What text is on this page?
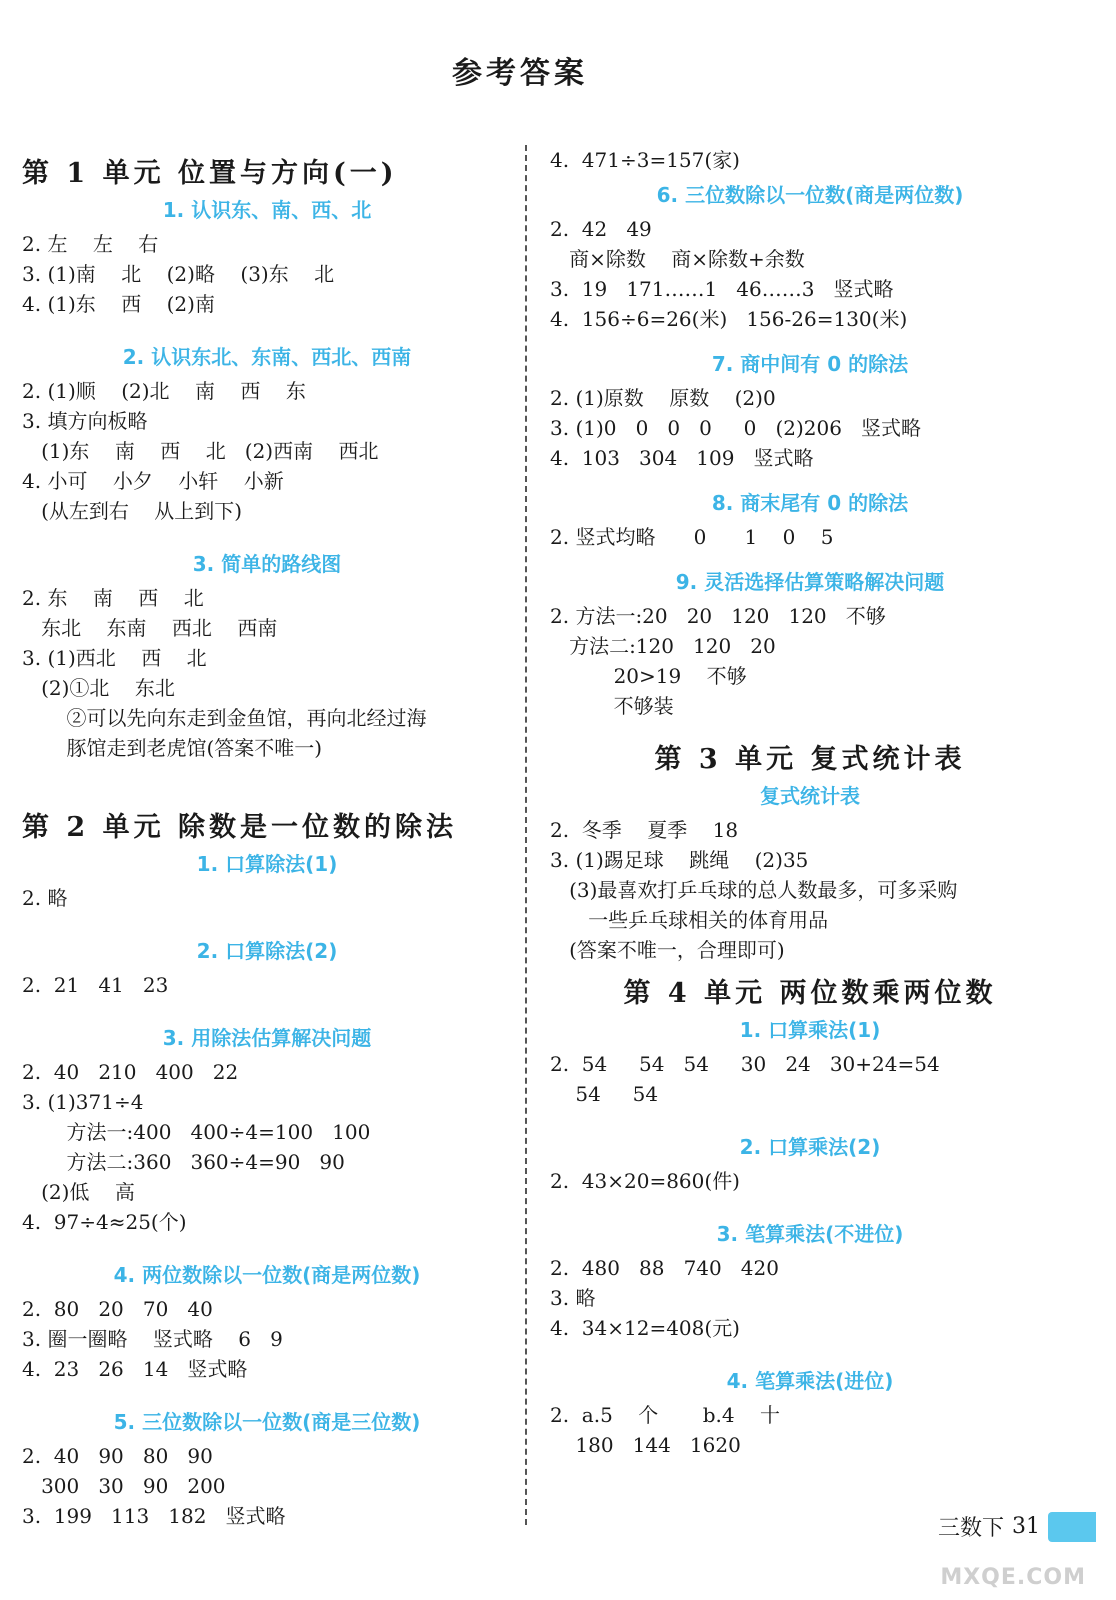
参考答案
第 1 单元 位置与方向(一)
1. 认识东、南、西、北
2. 左    左    右
3. (1)南    北    (2)略    (3)东    北
4. (1)东    西    (2)南
2. 认识东北、东南、西北、西南
2. (1)顺    (2)北    南    西    东
3. 填方向板略
(1)东    南    西    北   (2)西南    西北
4. 小可    小夕    小轩    小新
(从左到右    从上到下)
3. 简单的路线图
2. 东    南    西    北
东北    东南    西北    西南
3. (1)西北    西    北
(2)①北    东北
②可以先向东走到金鱼馆，再向北经过海
豚馆走到老虎馆(答案不唯一)
第 2 单元 除数是一位数的除法
1. 口算除法(1)
2. 略
2. 口算除法(2)
2.  21   41   23
3. 用除法估算解决问题
2.  40   210   400   22
3. (1)371÷4
方法一:400   400÷4=100   100
方法二:360   360÷4=90   90
(2)低    高
4.  97÷4≈25(个)
4. 两位数除以一位数(商是两位数)
2.  80   20   70   40
3. 圈一圈略    竖式略    6   9
4.  23   26   14   竖式略
5. 三位数除以一位数(商是三位数)
2.  40   90   80   90
300   30   90   200
3.  199   113   182   竖式略
4.  471÷3=157(家)
6. 三位数除以一位数(商是两位数)
2.  42   49
商×除数    商×除数+余数
3.  19   171……1   46……3   竖式略
4.  156÷6=26(米)   156-26=130(米)
7. 商中间有 0 的除法
2. (1)原数    原数    (2)0
3. (1)0   0   0   0     0   (2)206   竖式略
4.  103   304   109   竖式略
8. 商末尾有 0 的除法
2. 竖式均略      0      1    0    5
9. 灵活选择估算策略解决问题
2. 方法一:20   20   120   120   不够
方法二:120   120   20
20>19    不够
不够装
第 3 单元 复式统计表
复式统计表
2.  冬季    夏季    18
3. (1)踢足球    跳绳    (2)35
(3)最喜欢打乒乓球的总人数最多，可多采购
一些乒乓球相关的体育用品
(答案不唯一，合理即可)
第 4 单元 两位数乘两位数
1. 口算乘法(1)
2.  54     54   54     30   24   30+24=54
54     54
2. 口算乘法(2)
2.  43×20=860(件)
3. 笔算乘法(不进位)
2.  480   88   740   420
3. 略
4.  34×12=408(元)
4. 笔算乘法(进位)
2.  a.5    个       b.4    十
180   144   1620
三数下 31
MXQE.COM
